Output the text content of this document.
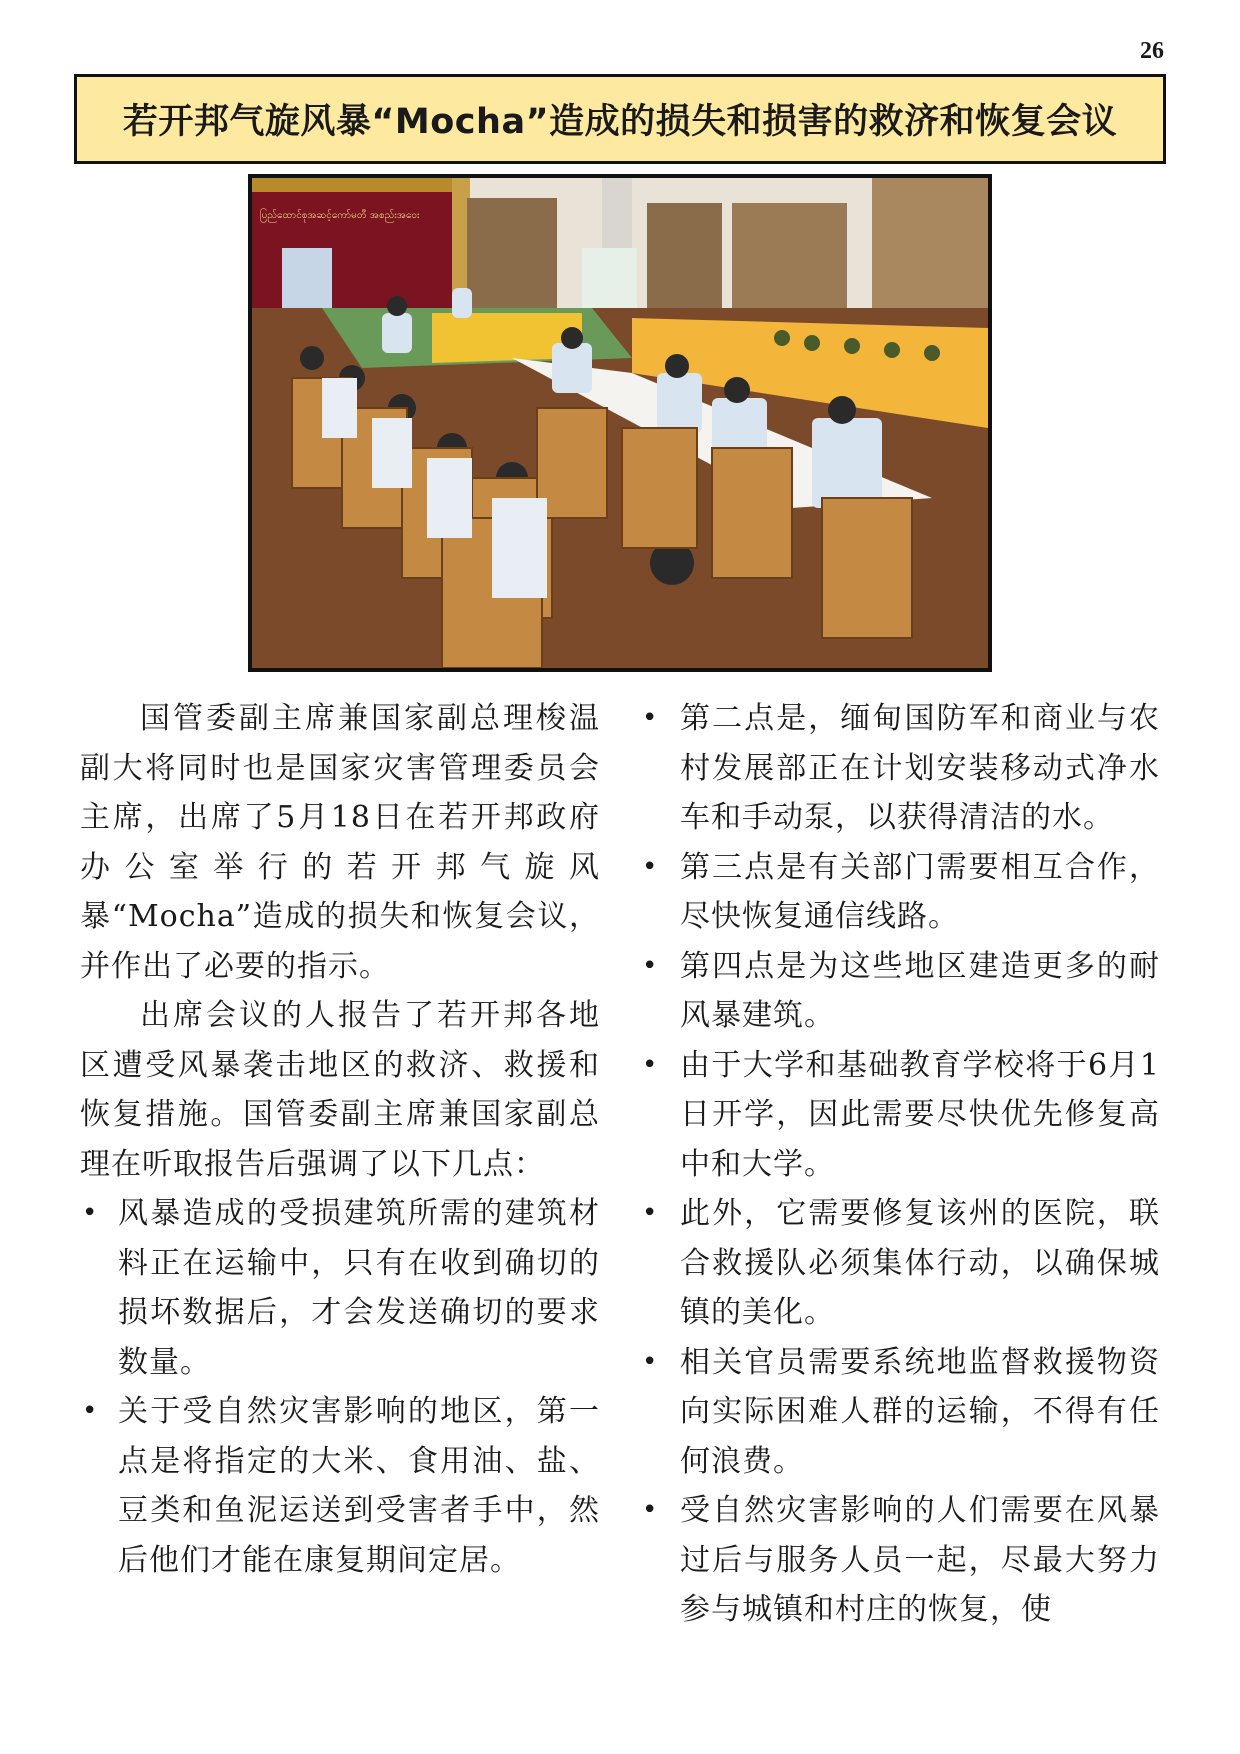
26
若开邦气旋风暴“Mocha”造成的损失和损害的救济和恢复会议
ပြည်ထောင်စုအဆင့်ကော်မတီ အစည်းအဝေး

国管委副主席兼国家副总理梭温副大将同时也是国家灾害管理委员会主席，出席了5月18日在若开邦政府办公室举行的若开邦气旋风暴“Mocha”造成的损失和恢复会议，并作出了必要的指示。

出席会议的人报告了若开邦各地区遭受风暴袭击地区的救济、救援和恢复措施。国管委副主席兼国家副总理在听取报告后强调了以下几点：

• 风暴造成的受损建筑所需的建筑材料正在运输中，只有在收到确切的损坏数据后，才会发送确切的要求数量。
• 关于受自然灾害影响的地区，第一点是将指定的大米、食用油、盐、豆类和鱼泥运送到受害者手中，然后他们才能在康复期间定居。
• 第二点是，缅甸国防军和商业与农村发展部正在计划安装移动式净水车和手动泵，以获得清洁的水。
• 第三点是有关部门需要相互合作，尽快恢复通信线路。
• 第四点是为这些地区建造更多的耐风暴建筑。
• 由于大学和基础教育学校将于6月1日开学，因此需要尽快优先修复高中和大学。
• 此外，它需要修复该州的医院，联合救援队必须集体行动，以确保城镇的美化。
• 相关官员需要系统地监督救援物资向实际困难人群的运输，不得有任何浪费。
• 受自然灾害影响的人们需要在风暴过后与服务人员一起，尽最大努力参与城镇和村庄的恢复，使
